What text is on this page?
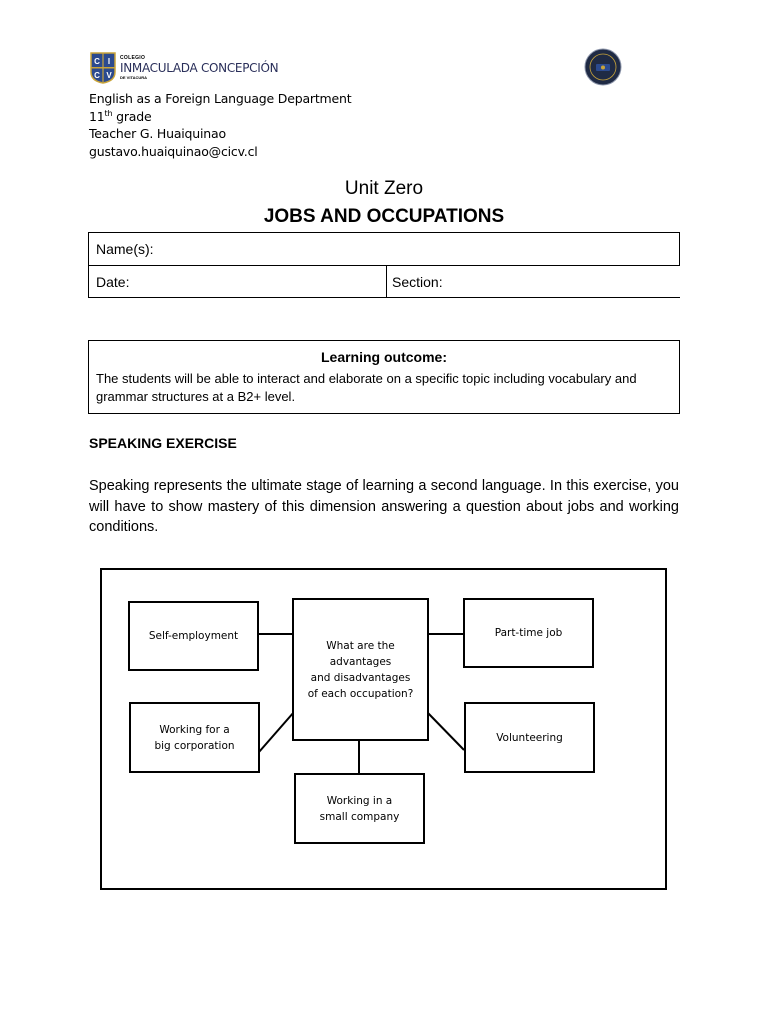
C I
C V
COLEGIO
INMACULADA CONCEPCIÓN
DE VITACURA
English as a Foreign Language Department
11th grade
Teacher G. Huaiquinao
gustavo.huaiquinao@cicv.cl
Unit Zero
JOBS AND OCCUPATIONS
Name(s):
Date:	Section:
Learning outcome:
The students will be able to interact and elaborate on a specific topic including vocabulary and grammar structures at a B2+ level.
SPEAKING EXERCISE
Speaking represents the ultimate stage of learning a second language. In this exercise, you will have to show mastery of this dimension answering a question about jobs and working conditions.
Self-employment
What are the advantages
and disadvantages
of each occupation?
Part-time job
Working for a
big corporation
Volunteering
Working in a
small company
